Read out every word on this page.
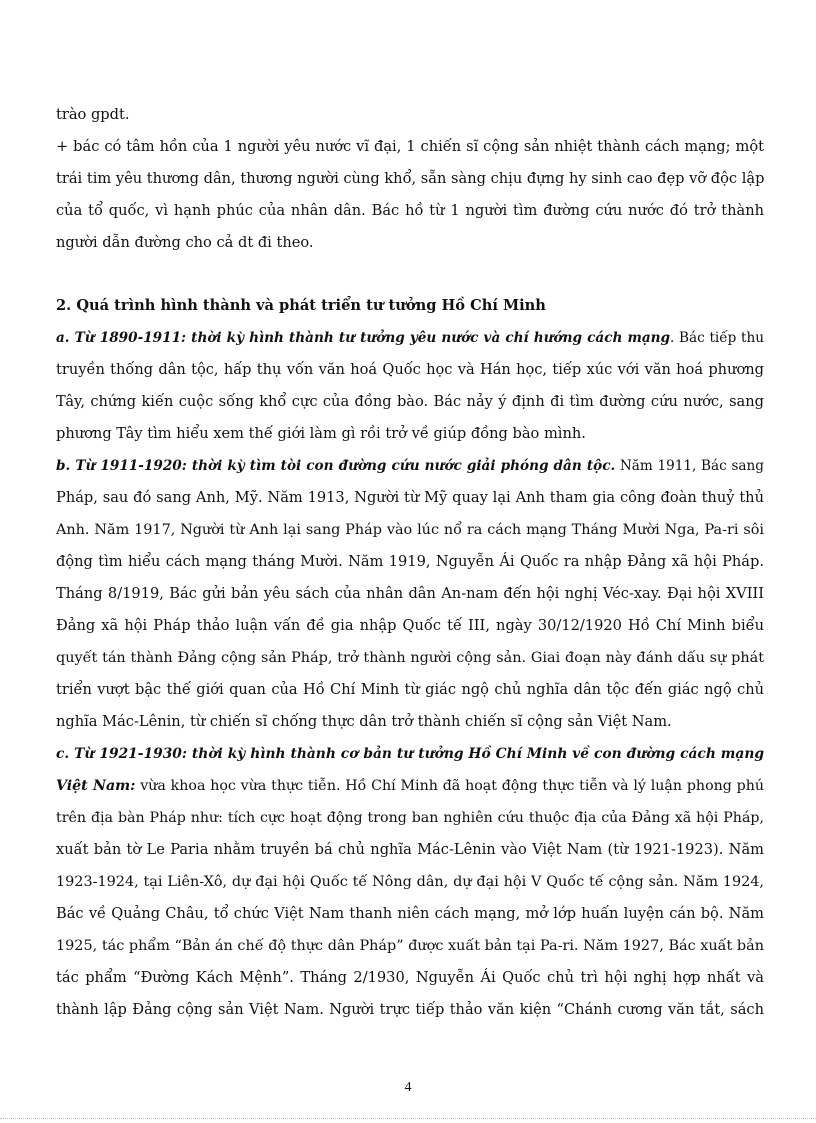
trào gpdt.
+ bác có tâm hồn của 1 người yêu nước vĩ đại, 1 chiến sĩ cộng sản nhiệt thành cách mạng; một
trái tim yêu thương dân, thương người cùng khổ, sẵn sàng chịu đựng hy sinh cao đẹp vỡ độc lập
của tổ quốc, vì hạnh phúc của nhân dân. Bác hồ từ 1 người tìm đường cứu nước đó trở thành
người dẫn đường cho cả dt đi theo.
2. Quá trình hình thành và phát triển tư tưởng Hồ Chí Minh
a. Từ 1890-1911: thời kỳ hình thành tư tưởng yêu nước và chí hướng cách mạng. Bác tiếp thu
truyền thống dân tộc, hấp thụ vốn văn hoá Quốc học và Hán học, tiếp xúc với văn hoá phương
Tây, chứng kiến cuộc sống khổ cực của đồng bào. Bác nảy ý định đi tìm đường cứu nước, sang
phương Tây tìm hiểu xem thế giới làm gì rồi trở về giúp đồng bào mình.
b. Từ 1911-1920: thời kỳ tìm tòi con đường cứu nước giải phóng dân tộc. Năm 1911, Bác sang
Pháp, sau đó sang Anh, Mỹ. Năm 1913, Người từ Mỹ quay lại Anh tham gia công đoàn thuỷ thủ
Anh. Năm 1917, Người từ Anh lại sang Pháp vào lúc nổ ra cách mạng Tháng Mười Nga, Pa-ri sôi
động tìm hiểu cách mạng tháng Mười. Năm 1919, Nguyễn Ái Quốc ra nhập Đảng xã hội Pháp.
Tháng 8/1919, Bác gửi bản yêu sách của nhân dân An-nam đến hội nghị Véc-xay. Đại hội XVIII
Đảng xã hội Pháp thảo luận vấn đề gia nhập Quốc tế III, ngày 30/12/1920 Hồ Chí Minh biểu
quyết tán thành Đảng cộng sản Pháp, trở thành người cộng sản. Giai đoạn này đánh dấu sự phát
triển vượt bậc thế giới quan của Hồ Chí Minh từ giác ngộ chủ nghĩa dân tộc đến giác ngộ chủ
nghĩa Mác-Lênin, từ chiến sĩ chống thực dân trở thành chiến sĩ cộng sản Việt Nam.
c. Từ 1921-1930: thời kỳ hình thành cơ bản tư tưởng Hồ Chí Minh về con đường cách mạng
Việt Nam: vừa khoa học vừa thực tiễn. Hồ Chí Minh đã hoạt động thực tiễn và lý luận phong phú
trên địa bàn Pháp như: tích cực hoạt động trong ban nghiên cứu thuộc địa của Đảng xã hội Pháp,
xuất bản tờ Le Paria nhằm truyền bá chủ nghĩa Mác-Lênin vào Việt Nam (từ 1921-1923). Năm
1923-1924, tại Liên-Xô, dự đại hội Quốc tế Nông dân, dự đại hội V Quốc tế cộng sản. Năm 1924,
Bác về Quảng Châu, tổ chức Việt Nam thanh niên cách mạng, mở lớp huấn luyện cán bộ. Năm
1925, tác phẩm “Bản án chế độ thực dân Pháp” được xuất bản tại Pa-ri. Năm 1927, Bác xuất bản
tác phẩm “Đường Kách Mệnh”. Tháng 2/1930, Nguyễn Ái Quốc chủ trì hội nghị hợp nhất và
thành lập Đảng cộng sản Việt Nam. Người trực tiếp thảo văn kiện “Chánh cương văn tắt, sách
4
